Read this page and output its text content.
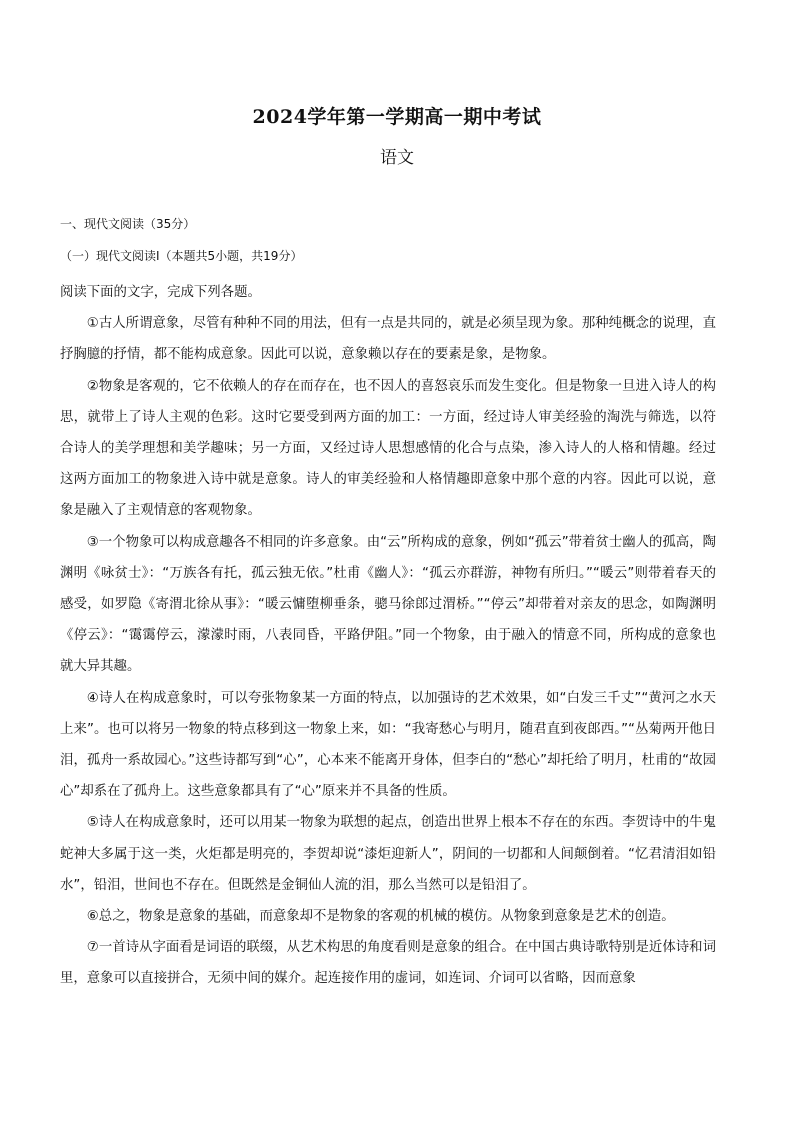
2024学年第一学期高一期中考试
语文
一、现代文阅读（35分）
（一）现代文阅读Ⅰ（本题共5小题，共19分）

阅读下面的文字，完成下列各题。

①古人所谓意象，尽管有种种不同的用法，但有一点是共同的，就是必须呈现为象。那种纯概念的说理，直抒胸臆的抒情，都不能构成意象。因此可以说，意象赖以存在的要素是象，是物象。

②物象是客观的，它不依赖人的存在而存在，也不因人的喜怒哀乐而发生变化。但是物象一旦进入诗人的构思，就带上了诗人主观的色彩。这时它要受到两方面的加工：一方面，经过诗人审美经验的淘洗与筛选，以符合诗人的美学理想和美学趣味；另一方面，又经过诗人思想感情的化合与点染，渗入诗人的人格和情趣。经过这两方面加工的物象进入诗中就是意象。诗人的审美经验和人格情趣即意象中那个意的内容。因此可以说，意象是融入了主观情意的客观物象。

③一个物象可以构成意趣各不相同的许多意象。由“云”所构成的意象，例如“孤云”带着贫士幽人的孤高，陶渊明《咏贫士》：“万族各有托，孤云独无依。”杜甫《幽人》：“孤云亦群游，神物有所归。”“暖云”则带着春天的感受，如罗隐《寄渭北徐从事》：“暖云慵堕柳垂条，骢马徐郎过渭桥。”“停云”却带着对亲友的思念，如陶渊明《停云》：“霭霭停云，濛濛时雨，八表同昏，平路伊阻。”同一个物象，由于融入的情意不同，所构成的意象也就大异其趣。

④诗人在构成意象时，可以夸张物象某一方面的特点，以加强诗的艺术效果，如“白发三千丈”“黄河之水天上来”。也可以将另一物象的特点移到这一物象上来，如：“我寄愁心与明月，随君直到夜郎西。”“丛菊两开他日泪，孤舟一系故园心。”这些诗都写到“心”，心本来不能离开身体，但李白的“愁心”却托给了明月，杜甫的“故园心”却系在了孤舟上。这些意象都具有了“心”原来并不具备的性质。

⑤诗人在构成意象时，还可以用某一物象为联想的起点，创造出世界上根本不存在的东西。李贺诗中的牛鬼蛇神大多属于这一类，火炬都是明亮的，李贺却说“漆炬迎新人”，阴间的一切都和人间颠倒着。“忆君清泪如铅水”，铅泪，世间也不存在。但既然是金铜仙人流的泪，那么当然可以是铅泪了。

⑥总之，物象是意象的基础，而意象却不是物象的客观的机械的模仿。从物象到意象是艺术的创造。

⑦一首诗从字面看是词语的联缀，从艺术构思的角度看则是意象的组合。在中国古典诗歌特别是近体诗和词里，意象可以直接拼合，无须中间的媒介。起连接作用的虚词，如连词、介词可以省略，因而意象
